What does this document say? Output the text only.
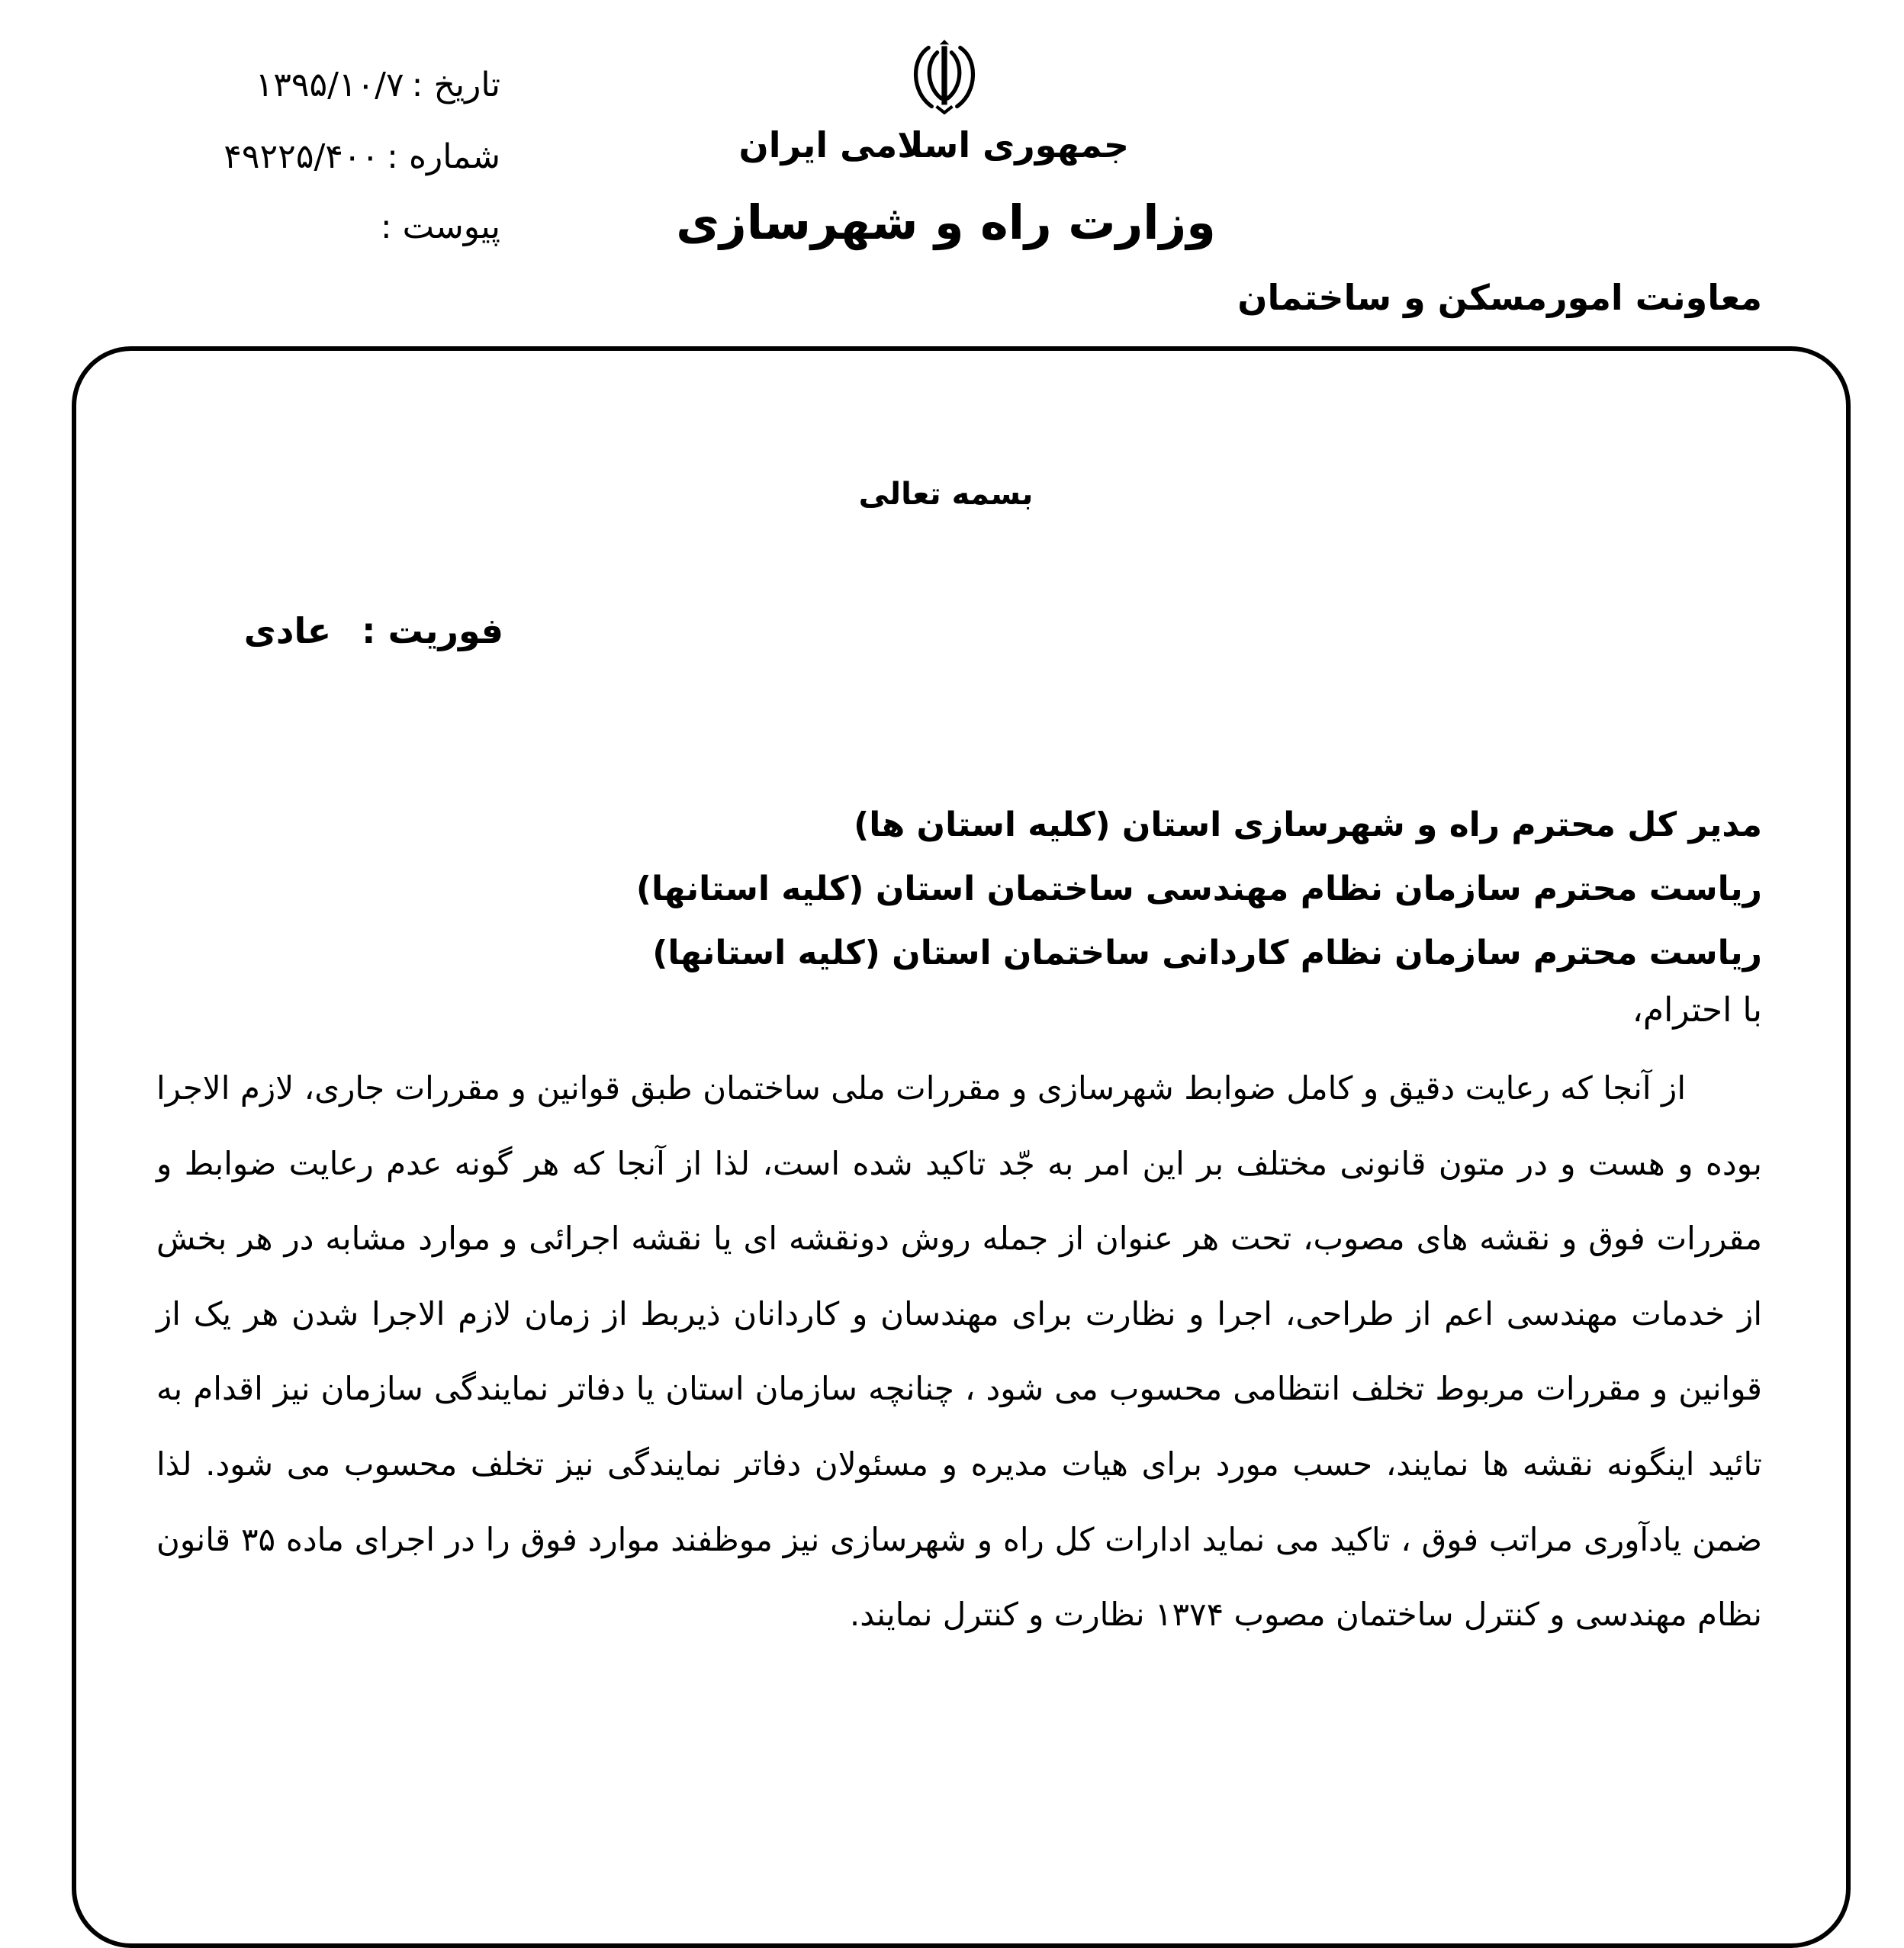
جمهوری اسلامی ایران
وزارت راه و شهرسازی
تاریخ :۱۳۹۵/۱۰/۷
شماره :۴۹۲۲۵/۴۰۰
پیوست :
معاونت امورمسکن و ساختمان
بسمه تعالی
فوریت :عادی
مدیر کل محترم راه و شهرسازی استان (کلیه استان ها)
ریاست محترم سازمان نظام مهندسی ساختمان استان (کلیه استانها)
ریاست محترم سازمان نظام کاردانی ساختمان استان (کلیه استانها)
با احترام،

از آنجا که رعایت دقیق و کامل ضوابط شهرسازی و مقررات ملی ساختمان طبق قوانین و مقررات جاری، لازم الاجرا بوده و هست و در متون قانونی مختلف بر این امر به جّد تاکید شده است، لذا از آنجا که هر گونه عدم رعایت ضوابط و مقررات فوق و نقشه های مصوب، تحت هر عنوان از جمله روش دونقشه ای یا نقشه اجرائی و موارد مشابه در هر بخش از خدمات مهندسی اعم از طراحی، اجرا و نظارت برای مهندسان و کاردانان ذیربط از زمان لازم الاجرا شدن هر یک از قوانین و مقررات مربوط تخلف انتظامی محسوب می شود ، چنانچه سازمان استان یا دفاتر نمایندگی سازمان نیز اقدام به تائید اینگونه نقشه ها نمایند، حسب مورد برای هیات مدیره و مسئولان دفاتر نمایندگی نیز تخلف محسوب می شود. لذا ضمن یادآوری مراتب فوق ، تاکید می نماید ادارات کل راه و شهرسازی نیز موظفند موارد فوق را در اجرای ماده ۳۵ قانون نظام مهندسی و کنترل ساختمان مصوب ۱۳۷۴ نظارت و کنترل نمایند.
